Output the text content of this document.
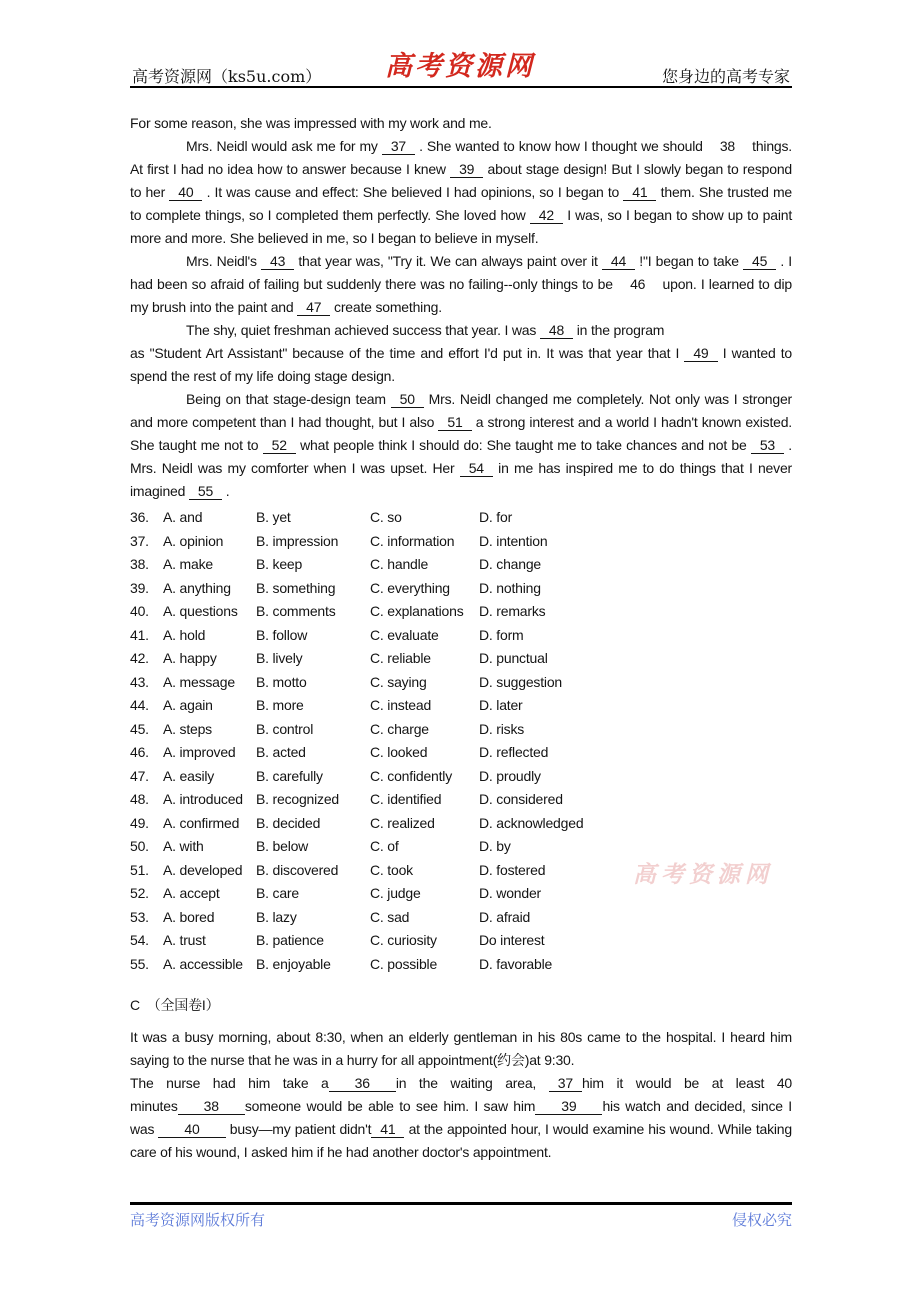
高考资源网（ks5u.com） 高考资源网	您身边的高考专家

For some reason, she was impressed with my work and me.

Mrs. Neidl would ask me for my 37 . She wanted to know how I thought we should 38 things. At first I had no idea how to answer because I knew 39 about stage design! But I slowly began to respond to her 40 . It was cause and effect: She believed I had opinions, so I began to 41 them. She trusted me to complete things, so I completed them perfectly. She loved how 42 I was, so I began to show up to paint more and more. She believed in me, so I began to believe in myself.

Mrs. Neidl's 43 that year was, "Try it. We can always paint over it 44 !"I began to take 45 . I had been so afraid of failing but suddenly there was no failing--only things to be 46 upon. I learned to dip my brush into the paint and 47 create something.

The shy, quiet freshman achieved success that year. I was 48 in the program
as "Student Art Assistant" because of the time and effort I'd put in. It was that year that I 49 I wanted to spend the rest of my life doing stage design.

Being on that stage-design team 50 Mrs. Neidl changed me completely. Not only was I stronger and more competent than I had thought, but I also 51 a strong interest and a world I hadn't known existed. She taught me not to 52 what people think I should do: She taught me to take chances and not be 53 . Mrs. Neidl was my comforter when I was upset. Her 54 in me has inspired me to do things that I never imagined 55 .

36.	A. and	B. yet	C. so	D. for
37.	A. opinion	B. impression	C. information	D. intention
38.	A. make	B. keep	C. handle	D. change
39.	A. anything	B. something	C. everything	D. nothing
40.	A. questions	B. comments	C. explanations	D. remarks
41.	A. hold	B. follow	C. evaluate	D. form
42.	A. happy	B. lively	C. reliable	D. punctual
43.	A. message	B. motto	C. saying	D. suggestion
44.	A. again	B. more	C. instead	D. later
45.	A. steps	B. control	C. charge	D. risks
46.	A. improved	B. acted	C. looked	D. reflected
47.	A. easily	B. carefully	C. confidently	D. proudly
48.	A. introduced B. recognized	C. identified	D. considered
49.	A. confirmed	B. decided	C. realized	D. acknowledged
50.	A. with	B. below	C. of	D. by
51.	A. developed B. discovered	C. took	D. fostered
52.	A. accept	B. care	C. judge	D. wonder
53.	A. bored	B. lazy	C. sad	D. afraid
54.	A. trust	B. patience	C. curiosity	Do interest
55.	A. accessible B. enjoyable	C. possible	D. favorable

C　（全国卷I）

It was a busy morning, about 8:30, when an elderly gentleman in his 80s came to the hospital. I heard him saying to the nurse that he was in a hurry for all appointment(约会)at 9:30.

The nurse had him take a 36 in the waiting area, 37 him it would be at least 40 minutes 38 someone would be able to see him. I saw him 39 his watch and decided, since I was 40 busy—my patient didn't 41 at the appointed hour, I would examine his wound. While taking care of his wound, I asked him if he had another doctor's appointment.

高考资源网
高考资源网版权所有	侵权必究
